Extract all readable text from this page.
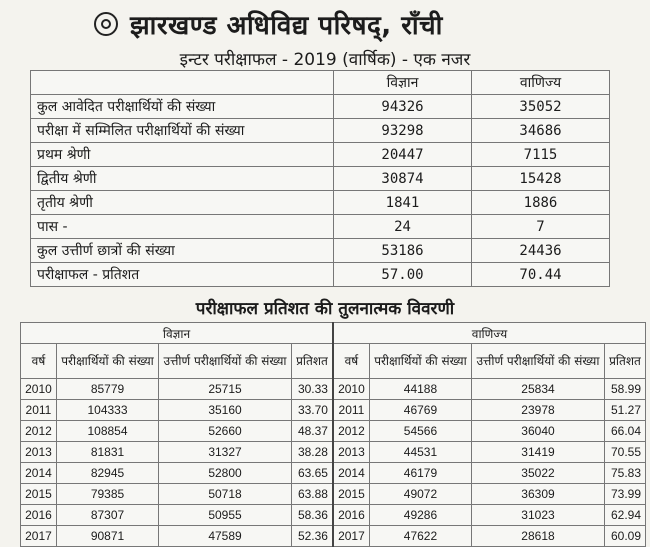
झारखण्ड अधिविद्य परिषद्, राँची
इन्टर परीक्षाफल - 2019 (वार्षिक) - एक नजर
	विज्ञान	वाणिज्य
कुल आवेदित परीक्षार्थियों की संख्या	94326	35052
परीक्षा में सम्मिलित परीक्षार्थियों की संख्या	93298	34686
प्रथम श्रेणी	20447	7115
द्वितीय श्रेणी	30874	15428
तृतीय श्रेणी	1841	1886
पास -	24	7
कुल उत्तीर्ण छात्रों की संख्या	53186	24436
परीक्षाफल - प्रतिशत	57.00	70.44
परीक्षाफल प्रतिशत की तुलनात्मक विवरणी
विज्ञान				वाणिज्य			
वर्ष	परीक्षार्थियों की संख्या	उत्तीर्ण परीक्षार्थियों की संख्या	प्रतिशत	वर्ष	परीक्षार्थियों की संख्या	उत्तीर्ण परीक्षार्थियों की संख्या	प्रतिशत
2010	85779	25715	30.33	2010	44188	25834	58.99
2011	104333	35160	33.70	2011	46769	23978	51.27
2012	108854	52660	48.37	2012	54566	36040	66.04
2013	81831	31327	38.28	2013	44531	31419	70.55
2014	82945	52800	63.65	2014	46179	35022	75.83
2015	79385	50718	63.88	2015	49072	36309	73.99
2016	87307	50955	58.36	2016	49286	31023	62.94
2017	90871	47589	52.36	2017	47622	28618	60.09
